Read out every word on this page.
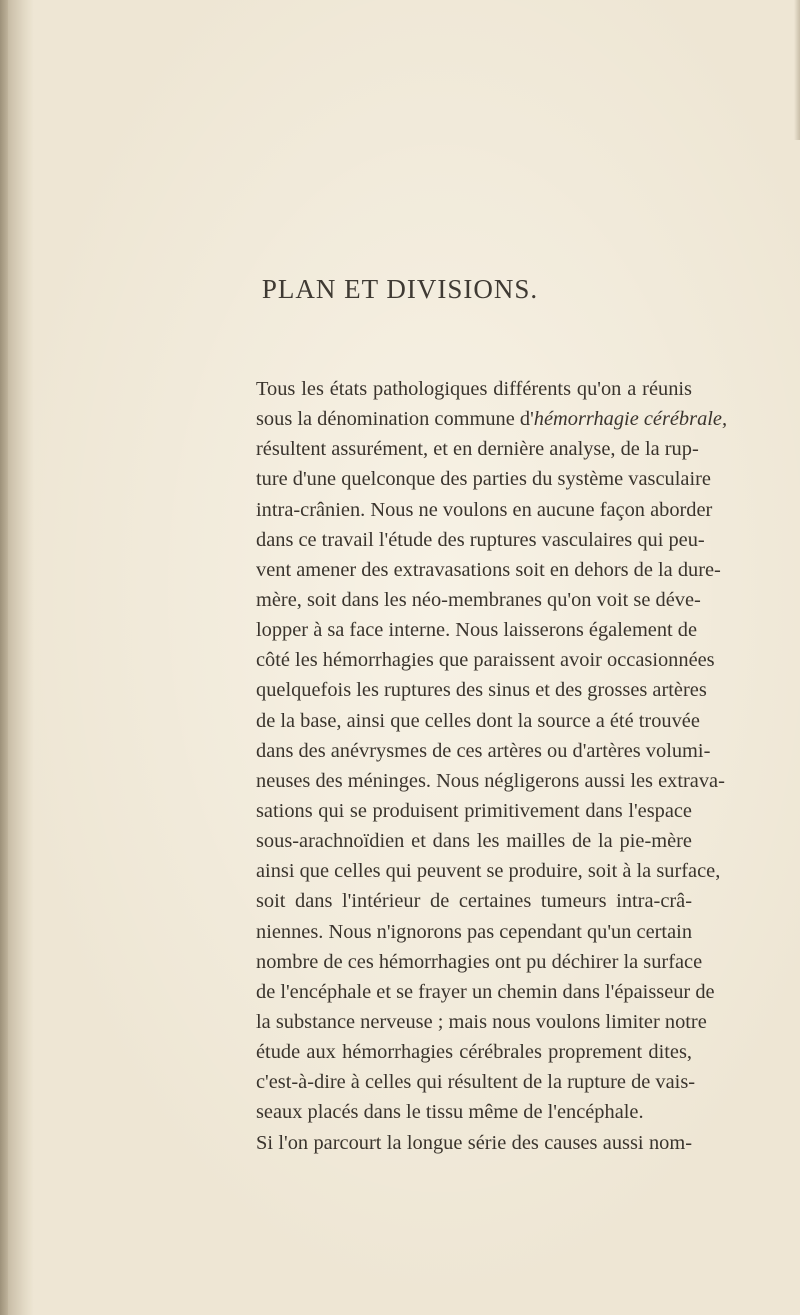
PLAN ET DIVISIONS.
Tous les états pathologiques différents qu'on a réunis
sous la dénomination commune d'hémorrhagie cérébrale,
résultent assurément, et en dernière analyse, de la rup-
ture d'une quelconque des parties du système vasculaire
intra-crânien. Nous ne voulons en aucune façon aborder
dans ce travail l'étude des ruptures vasculaires qui peu-
vent amener des extravasations soit en dehors de la dure-
mère, soit dans les néo-membranes qu'on voit se déve-
lopper à sa face interne. Nous laisserons également de
côté les hémorrhagies que paraissent avoir occasionnées
quelquefois les ruptures des sinus et des grosses artères
de la base, ainsi que celles dont la source a été trouvée
dans des anévrysmes de ces artères ou d'artères volumi-
neuses des méninges. Nous négligerons aussi les extrava-
sations qui se produisent primitivement dans l'espace
sous-arachnoïdien et dans les mailles de la pie-mère
ainsi que celles qui peuvent se produire, soit à la surface,
soit dans l'intérieur de certaines tumeurs intra-crâ-
niennes. Nous n'ignorons pas cependant qu'un certain
nombre de ces hémorrhagies ont pu déchirer la surface
de l'encéphale et se frayer un chemin dans l'épaisseur de
la substance nerveuse ; mais nous voulons limiter notre
étude aux hémorrhagies cérébrales proprement dites,
c'est-à-dire à celles qui résultent de la rupture de vais-
seaux placés dans le tissu même de l'encéphale.
Si l'on parcourt la longue série des causes aussi nom-
